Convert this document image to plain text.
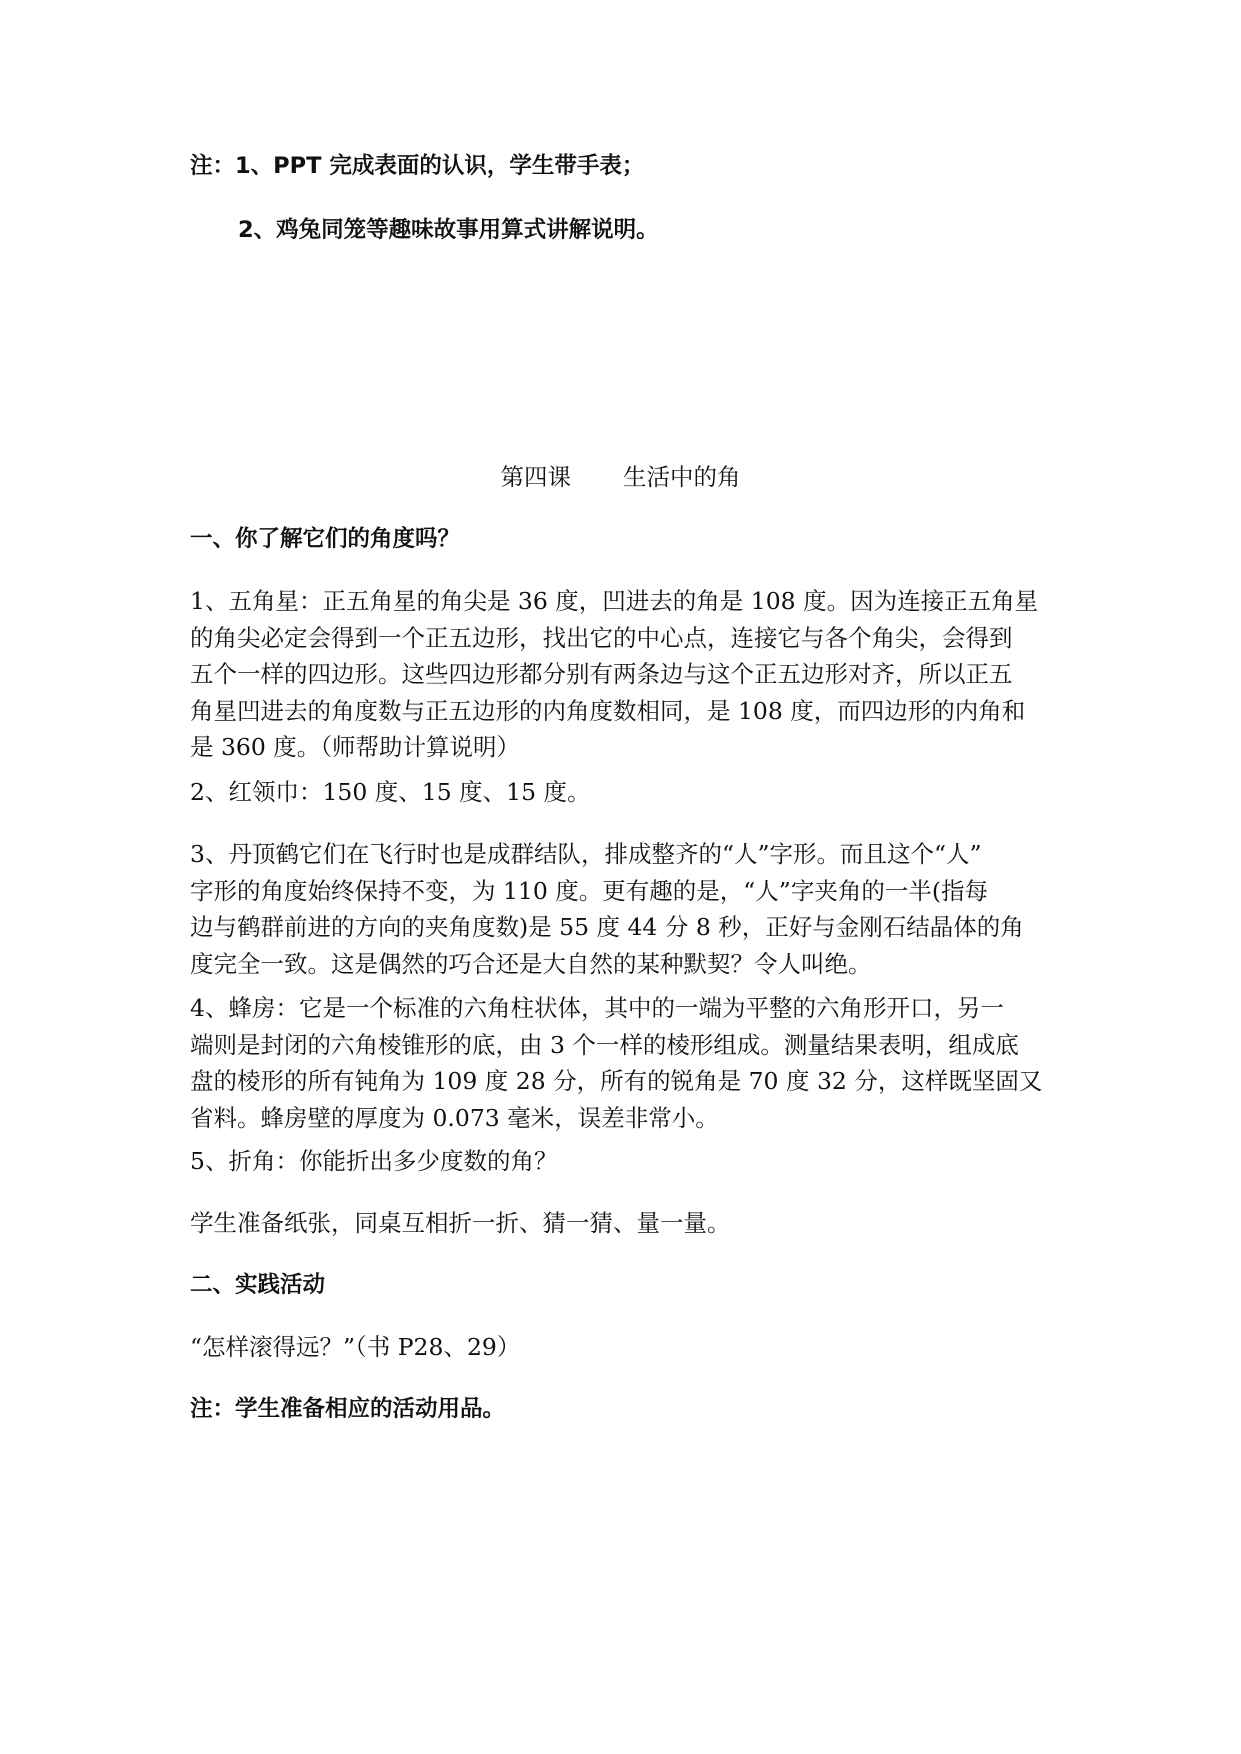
注：1、PPT 完成表面的认识，学生带手表；

2、鸡兔同笼等趣味故事用算式讲解说明。

第四课 生活中的角

一、你了解它们的角度吗？

1、五角星：正五角星的角尖是 36 度，凹进去的角是 108 度。因为连接正五角星
的角尖必定会得到一个正五边形，找出它的中心点，连接它与各个角尖，会得到
五个一样的四边形。这些四边形都分别有两条边与这个正五边形对齐，所以正五
角星凹进去的角度数与正五边形的内角度数相同，是 108 度，而四边形的内角和
是 360 度。（师帮助计算说明）

2、红领巾：150 度、15 度、15 度。

3、丹顶鹤它们在飞行时也是成群结队，排成整齐的“人”字形。而且这个“人”
字形的角度始终保持不变，为 110 度。更有趣的是，“人”字夹角的一半(指每
边与鹤群前进的方向的夹角度数)是 55 度 44 分 8 秒，正好与金刚石结晶体的角
度完全一致。这是偶然的巧合还是大自然的某种默契？令人叫绝。
4、蜂房：它是一个标准的六角柱状体，其中的一端为平整的六角形开口，另一
端则是封闭的六角棱锥形的底，由 3 个一样的棱形组成。测量结果表明，组成底
盘的棱形的所有钝角为 109 度 28 分，所有的锐角是 70 度 32 分，这样既坚固又
省料。蜂房壁的厚度为 0.073 毫米，误差非常小。

5、折角：你能折出多少度数的角？

学生准备纸张，同桌互相折一折、猜一猜、量一量。

二、实践活动

“怎样滚得远？”（书 P28、29）

注：学生准备相应的活动用品。
